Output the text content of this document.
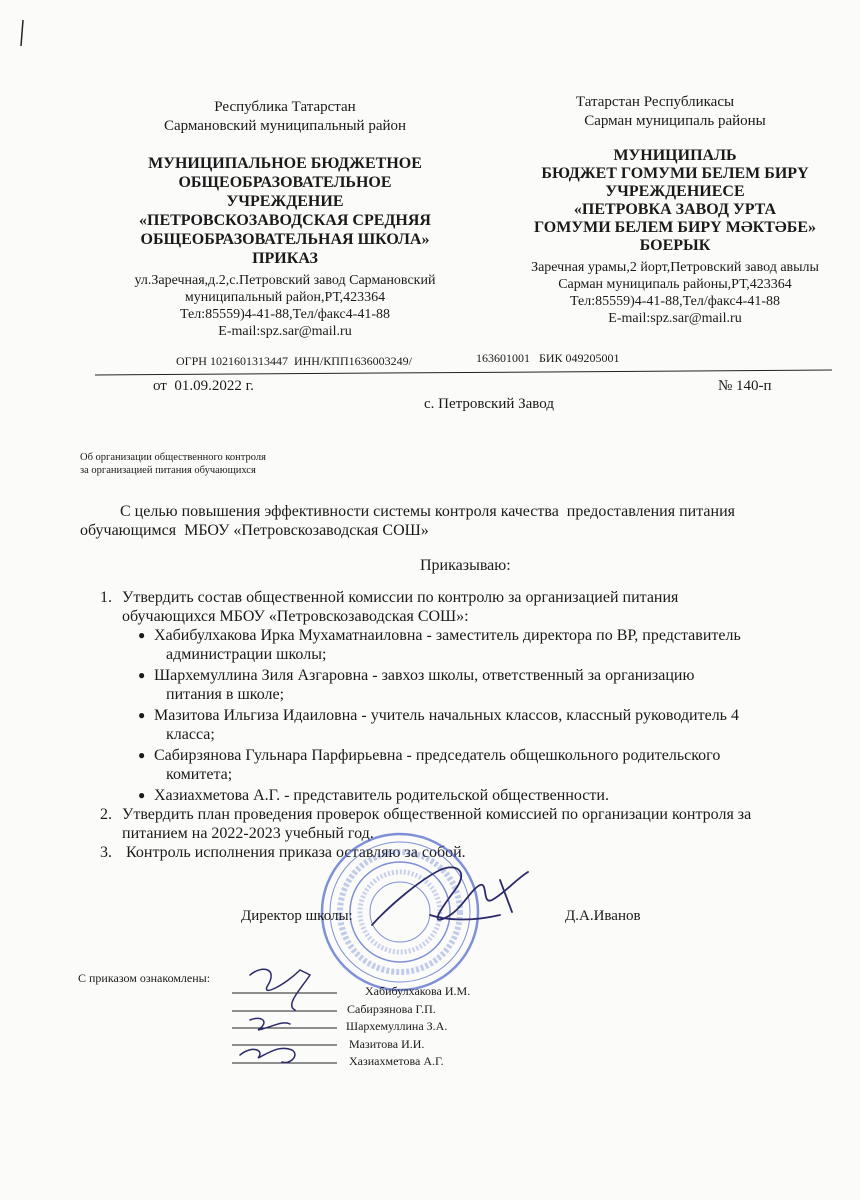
Республика Татарстан
Сармановский муниципальный район
МУНИЦИПАЛЬНОЕ БЮДЖЕТНОЕ
ОБЩЕОБРАЗОВАТЕЛЬНОЕ
УЧРЕЖДЕНИЕ
«ПЕТРОВСКОЗАВОДСКАЯ СРЕДНЯЯ
ОБЩЕОБРАЗОВАТЕЛЬНАЯ ШКОЛА»
ПРИКАЗ
ул.Заречная,д.2,с.Петровский завод Сармановский
муниципальный район,РТ,423364
Тел:85559)4-41-88,Тел/факс4-41-88
E-mail:spz.sar@mail.ru
Татарстан Республикасы
Сарман муниципаль районы
МУНИЦИПАЛЬ
БЮДЖЕТ ГОМУМИ БЕЛЕМ БИРҮ
УЧРЕЖДЕНИЕСЕ
«ПЕТРОВКА ЗАВОД УРТА
ГОМУМИ БЕЛЕМ БИРҮ МӘКТӘБЕ»
БОЕРЫК
Заречная урамы,2 йорт,Петровский завод авылы
Сарман муниципаль районы,РТ,423364
Тел:85559)4-41-88,Тел/факс4-41-88
E-mail:spz.sar@mail.ru
ОГРН 1021601313447  ИНН/КПП1636003249/	163601001   БИК 049205001
от  01.09.2022 г.	№ 140-п
с. Петровский Завод
Об организации общественного контроля
за организацией питания обучающихся
С целью повышения эффективности системы контроля качества  предоставления питания
обучающимся  МБОУ «Петровскозаводская СОШ»
Приказываю:
1. Утвердить состав общественной комиссии по контролю за организацией питания
обучающихся МБОУ «Петровскозаводская СОШ»:
● Хабибулхакова Ирка Мухаматнаиловна - заместитель директора по ВР, представитель
администрации школы;
● Шархемуллина Зиля Азгаровна - завхоз школы, ответственный за организацию
питания в школе;
● Мазитова Ильгиза Идаиловна - учитель начальных классов, классный руководитель 4
класса;
● Сабирзянова Гульнара Парфирьевна - председатель общешкольного родительского
комитета;
● Хазиахметова А.Г. - представитель родительской общественности.
2. Утвердить план проведения проверок общественной комиссией по организации контроля за
питанием на 2022-2023 учебный год.
3. Контроль исполнения приказа оставляю за собой.
Директор школы:	Д.А.Иванов
С приказом ознакомлены:
Хабибулхакова И.М.
Сабирзянова Г.П.
Шархемуллина З.А.
Мазитова И.И.
Хазиахметова А.Г.
